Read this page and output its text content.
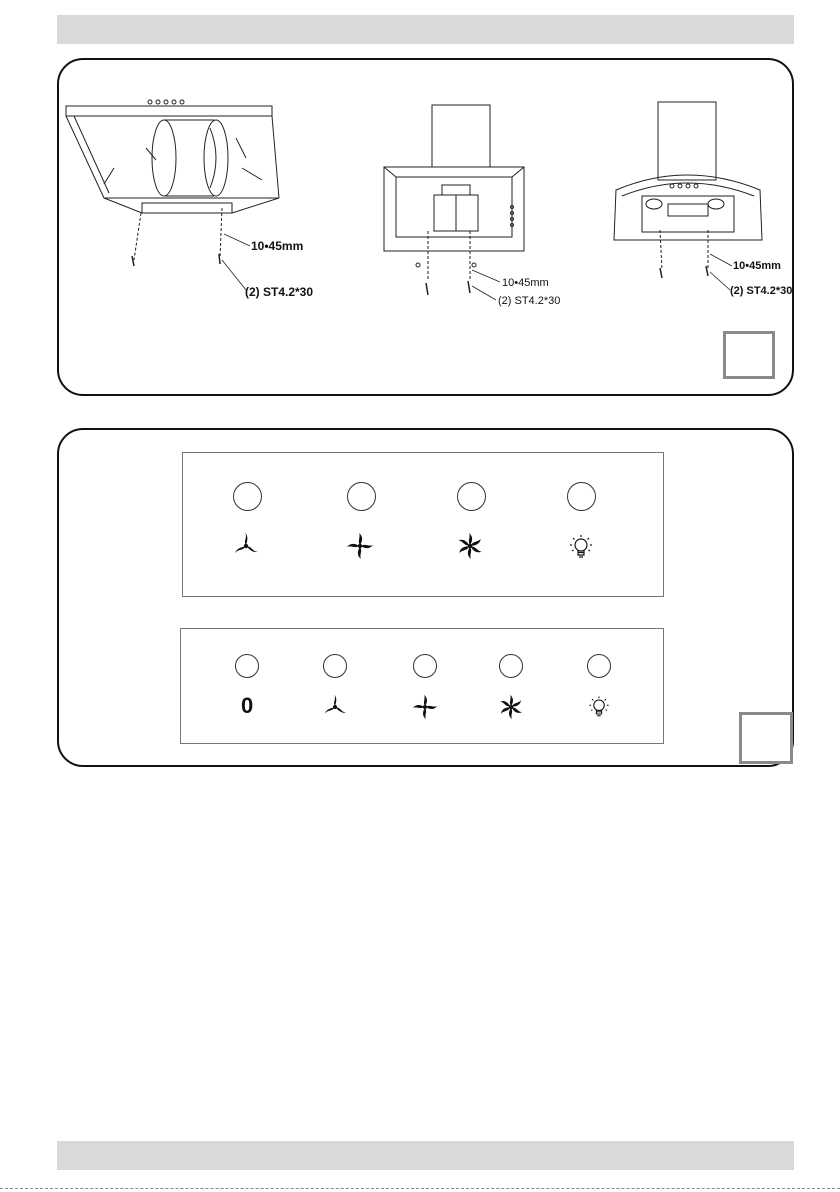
10•45mm
(2) ST4.2*30
10•45mm
(2) ST4.2*30
10•45mm
(2) ST4.2*30
0
